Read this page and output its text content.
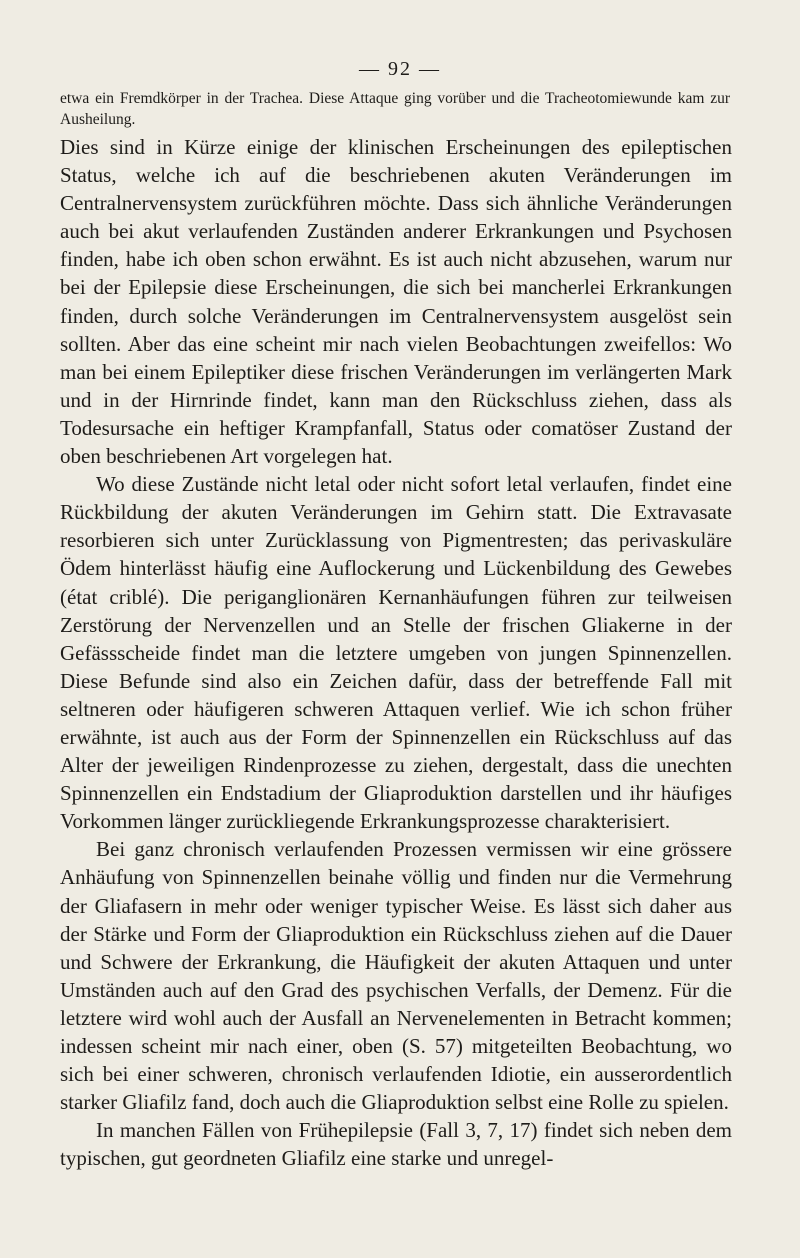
— 92 —
etwa ein Fremdkörper in der Trachea. Diese Attaque ging vorüber und die Tracheotomiewunde kam zur Ausheilung.

Dies sind in Kürze einige der klinischen Erscheinungen des epileptischen Status, welche ich auf die beschriebenen akuten Veränderungen im Centralnervensystem zurückführen möchte. Dass sich ähnliche Veränderungen auch bei akut verlaufenden Zuständen anderer Erkrankungen und Psychosen finden, habe ich oben schon erwähnt. Es ist auch nicht abzusehen, warum nur bei der Epilepsie diese Erscheinungen, die sich bei mancherlei Erkrankungen finden, durch solche Veränderungen im Centralnervensystem ausgelöst sein sollten. Aber das eine scheint mir nach vielen Beobachtungen zweifellos: Wo man bei einem Epileptiker diese frischen Veränderungen im verlängerten Mark und in der Hirnrinde findet, kann man den Rückschluss ziehen, dass als Todesursache ein heftiger Krampfanfall, Status oder comatöser Zustand der oben beschriebenen Art vorgelegen hat.

Wo diese Zustände nicht letal oder nicht sofort letal verlaufen, findet eine Rückbildung der akuten Veränderungen im Gehirn statt. Die Extravasate resorbieren sich unter Zurücklassung von Pigmentresten; das perivaskuläre Ödem hinterlässt häufig eine Auflockerung und Lückenbildung des Gewebes (état criblé). Die periganglionären Kernanhäufungen führen zur teilweisen Zerstörung der Nervenzellen und an Stelle der frischen Gliakerne in der Gefässscheide findet man die letztere umgeben von jungen Spinnenzellen. Diese Befunde sind also ein Zeichen dafür, dass der betreffende Fall mit seltneren oder häufigeren schweren Attaquen verlief. Wie ich schon früher erwähnte, ist auch aus der Form der Spinnenzellen ein Rückschluss auf das Alter der jeweiligen Rindenprozesse zu ziehen, dergestalt, dass die unechten Spinnenzellen ein Endstadium der Gliaproduktion darstellen und ihr häufiges Vorkommen länger zurückliegende Erkrankungsprozesse charakterisiert.

Bei ganz chronisch verlaufenden Prozessen vermissen wir eine grössere Anhäufung von Spinnenzellen beinahe völlig und finden nur die Vermehrung der Gliafasern in mehr oder weniger typischer Weise. Es lässt sich daher aus der Stärke und Form der Gliaproduktion ein Rückschluss ziehen auf die Dauer und Schwere der Erkrankung, die Häufigkeit der akuten Attaquen und unter Umständen auch auf den Grad des psychischen Verfalls, der Demenz. Für die letztere wird wohl auch der Ausfall an Nervenelementen in Betracht kommen; indessen scheint mir nach einer, oben (S. 57) mitgeteilten Beobachtung, wo sich bei einer schweren, chronisch verlaufenden Idiotie, ein ausserordentlich starker Gliafilz fand, doch auch die Gliaproduktion selbst eine Rolle zu spielen.

In manchen Fällen von Frühepilepsie (Fall 3, 7, 17) findet sich neben dem typischen, gut geordneten Gliafilz eine starke und unregel-
